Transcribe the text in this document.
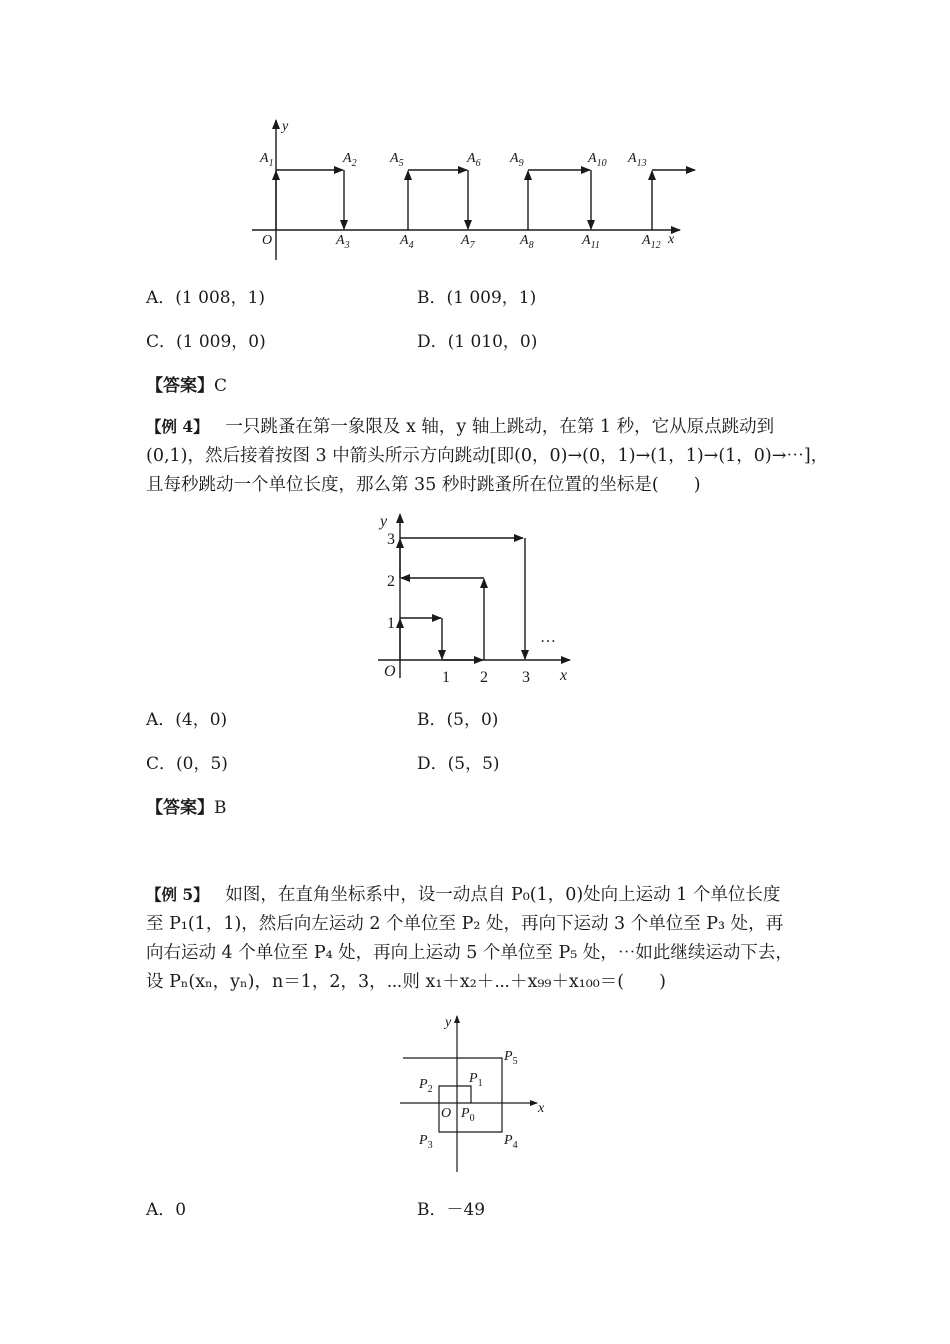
y
x
O
$A_1$	$A_2$
$A_3$	$A_4$
$A_5$	$A_6$
$A_7$	$A_8$
$A_9$	$A_{10}$
$A_{11}$	$A_{12}$
$A_{13}$
A．(1 008，1)	B．(1 009，1)
C．(1 009，0)	D．(1 010，0)
【答案】C
【例 4】 一只跳蚤在第一象限及 x 轴，y 轴上跳动，在第 1 秒，它从原点跳动到
(0,1)，然后接着按图 3 中箭头所示方向跳动[即(0，0)→(0，1)→(1，1)→(1，0)→⋯]，
且每秒跳动一个单位长度，那么第 35 秒时跳蚤所在位置的坐标是(　　)
y
x
O
3
2
1
1 2 3
…
A．(4，0)	B．(5，0)
C．(0，5)	D．(5，5)
【答案】B
【例 5】 如图，在直角坐标系中，设一动点自 P₀(1，0)处向上运动 1 个单位长度
至 P₁(1，1)，然后向左运动 2 个单位至 P₂ 处，再向下运动 3 个单位至 P₃ 处，再
向右运动 4 个单位至 P₄ 处，再向上运动 5 个单位至 P₅ 处，⋯如此继续运动下去，
设 Pₙ(xₙ，yₙ)，n＝1，2，3，⋯则 x₁＋x₂＋⋯＋x₉₉＋x₁₀₀＝(　　)
y
x
O $P_0$
$P_1$
$P_2$
$P_3$	$P_4$
$P_5$
A．0	B．－49
